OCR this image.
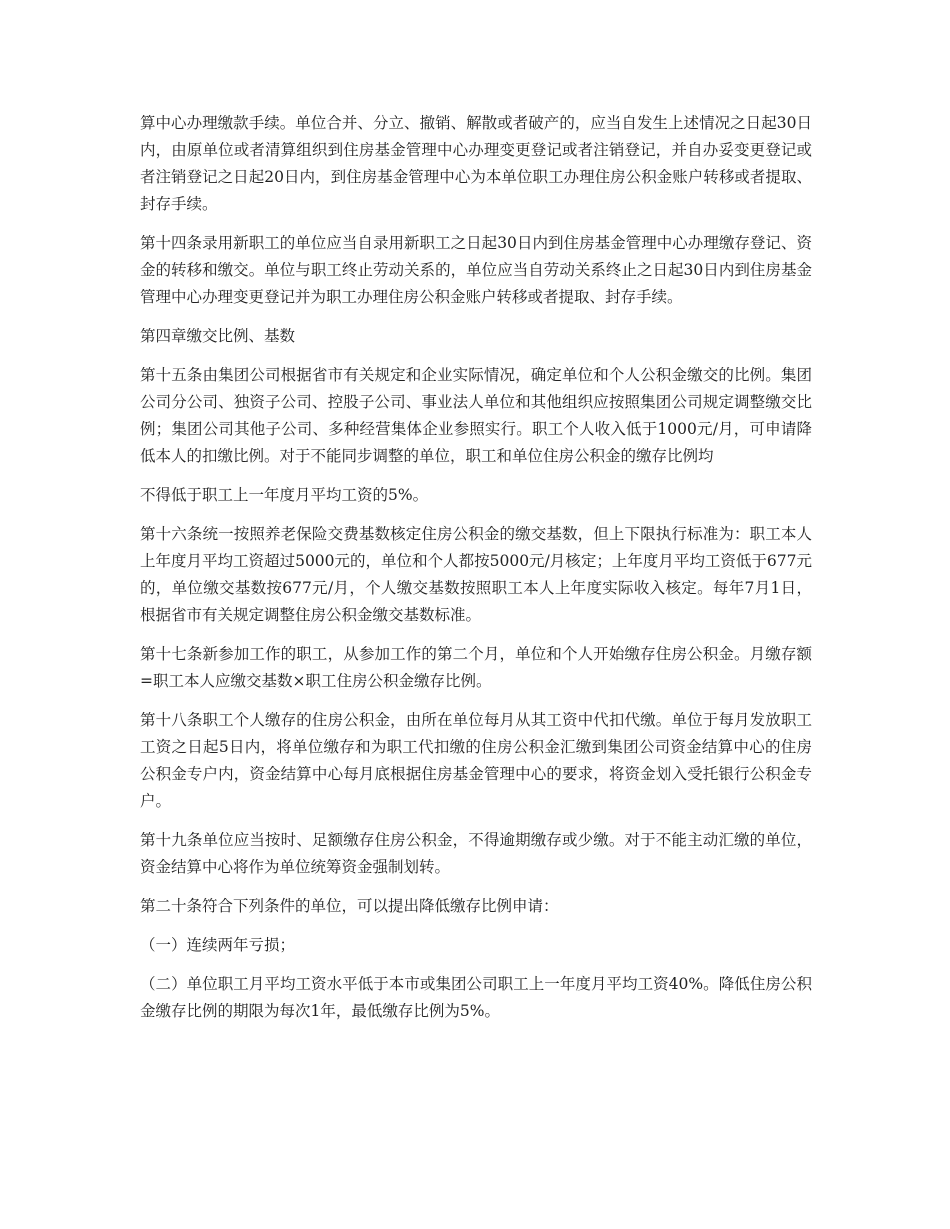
算中心办理缴款手续。单位合并、分立、撤销、解散或者破产的，应当自发生上述情况之日起30日内，由原单位或者清算组织到住房基金管理中心办理变更登记或者注销登记，并自办妥变更登记或者注销登记之日起20日内，到住房基金管理中心为本单位职工办理住房公积金账户转移或者提取、封存手续。

第十四条录用新职工的单位应当自录用新职工之日起30日内到住房基金管理中心办理缴存登记、资金的转移和缴交。单位与职工终止劳动关系的，单位应当自劳动关系终止之日起30日内到住房基金管理中心办理变更登记并为职工办理住房公积金账户转移或者提取、封存手续。

第四章缴交比例、基数

第十五条由集团公司根据省市有关规定和企业实际情况，确定单位和个人公积金缴交的比例。集团公司分公司、独资子公司、控股子公司、事业法人单位和其他组织应按照集团公司规定调整缴交比例；集团公司其他子公司、多种经营集体企业参照实行。职工个人收入低于1000元/月，可申请降低本人的扣缴比例。对于不能同步调整的单位，职工和单位住房公积金的缴存比例均

不得低于职工上一年度月平均工资的5%。

第十六条统一按照养老保险交费基数核定住房公积金的缴交基数，但上下限执行标准为：职工本人上年度月平均工资超过5000元的，单位和个人都按5000元/月核定；上年度月平均工资低于677元的，单位缴交基数按677元/月，个人缴交基数按照职工本人上年度实际收入核定。每年7月1日，根据省市有关规定调整住房公积金缴交基数标准。

第十七条新参加工作的职工，从参加工作的第二个月，单位和个人开始缴存住房公积金。月缴存额=职工本人应缴交基数×职工住房公积金缴存比例。

第十八条职工个人缴存的住房公积金，由所在单位每月从其工资中代扣代缴。单位于每月发放职工工资之日起5日内，将单位缴存和为职工代扣缴的住房公积金汇缴到集团公司资金结算中心的住房公积金专户内，资金结算中心每月底根据住房基金管理中心的要求，将资金划入受托银行公积金专户。

第十九条单位应当按时、足额缴存住房公积金，不得逾期缴存或少缴。对于不能主动汇缴的单位，资金结算中心将作为单位统筹资金强制划转。

第二十条符合下列条件的单位，可以提出降低缴存比例申请：

（一）连续两年亏损；

（二）单位职工月平均工资水平低于本市或集团公司职工上一年度月平均工资40%。降低住房公积金缴存比例的期限为每次1年，最低缴存比例为5%。
